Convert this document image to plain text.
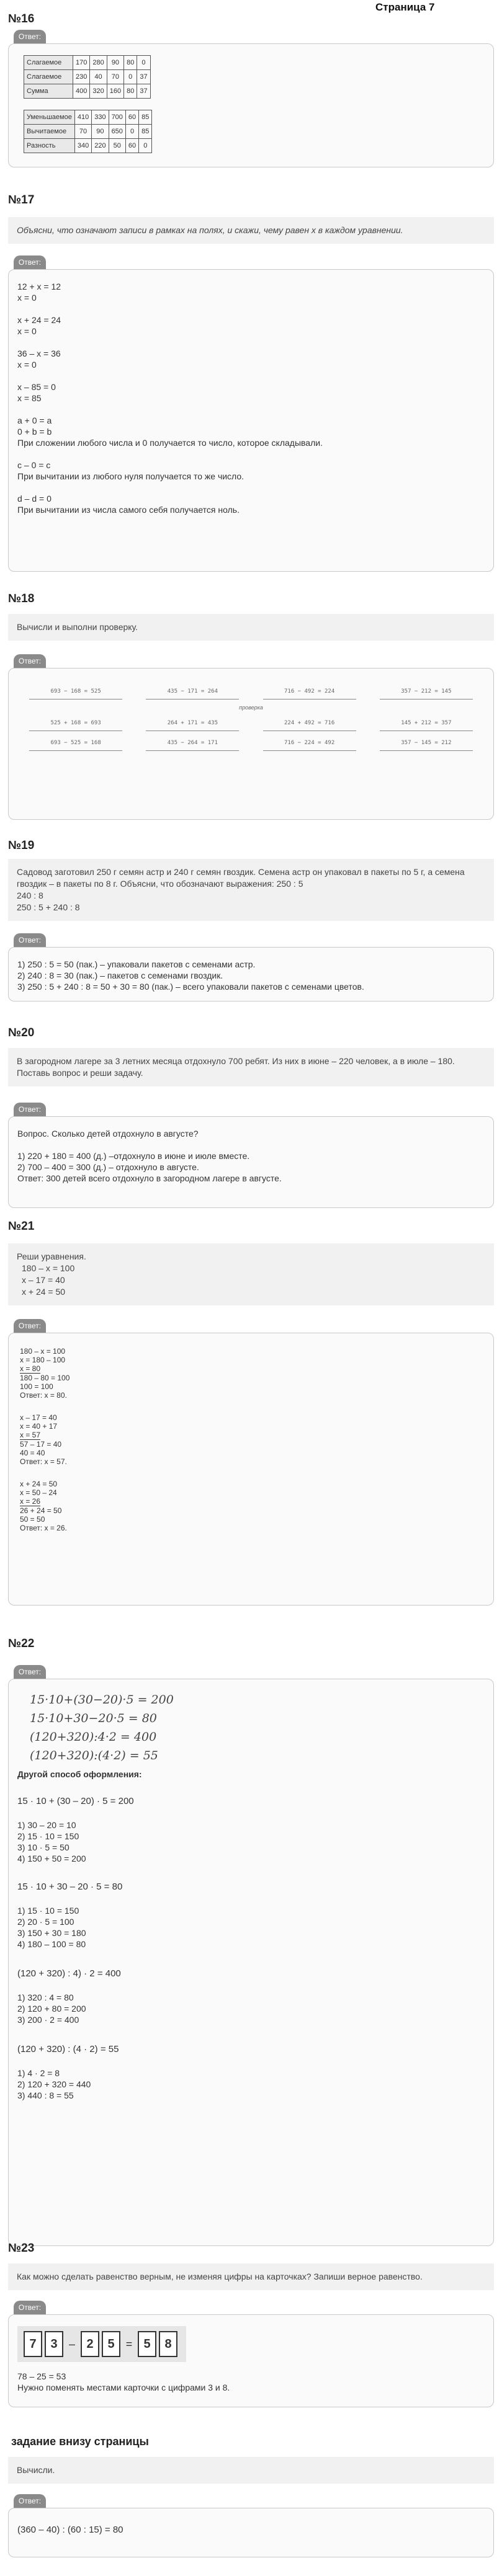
Страница 7
№16
Ответ:
Слагаемое	170	280	90	80	0
Слагаемое	230	40	70	0	37
Сумма	400	320	160	80	37
Уменьшаемое	410	330	700	60	85
Вычитаемое	70	90	650	0	85
Разность	340	220	50	60	0
№17
Объясни, что означают записи в рамках на полях, и скажи, чему равен x в каждом уравнении.
Ответ:
12 + x = 12
x = 0

x + 24 = 24
x = 0

36 – x = 36
x = 0

x – 85 = 0
x = 85

a + 0 = a
0 + b = b
При сложении любого числа и 0 получается то число, которое складывали.

c – 0 = c
При вычитании из любого нуля получается то же число.

d – d = 0
При вычитании из числа самого себя получается ноль.
№18
Вычисли и выполни проверку.
Ответ:
693 − 168 = 525	435 − 171 = 264	716 − 492 = 224	357 − 212 = 145
проверка
525 + 168 = 693	264 + 171 = 435	224 + 492 = 716	145 + 212 = 357
693 − 525 = 168	435 − 264 = 171	716 − 224 = 492	357 − 145 = 212
№19
Садовод заготовил 250 г семян астр и 240 г семян гвоздик. Семена астр он упаковал в пакеты по 5 г, а семена гвоздик – в пакеты по 8 г. Объясни, что обозначают выражения: 250 : 5
240 : 8
250 : 5 + 240 : 8
Ответ:
1) 250 : 5 = 50 (пак.) – упаковали пакетов с семенами астр.
2) 240 : 8 = 30 (пак.) – пакетов с семенами гвоздик.
3) 250 : 5 + 240 : 8 = 50 + 30 = 80 (пак.) – всего упаковали пакетов с семенами цветов.
№20
В загородном лагере за 3 летних месяца отдохнуло 700 ребят. Из них в июне – 220 человек, а в июле – 180. Поставь вопрос и реши задачу.
Ответ:
Вопрос. Сколько детей отдохнуло в августе?

1) 220 + 180 = 400 (д.) –отдохнуло в июне и июле вместе.
2) 700 – 400 = 300 (д.) – отдохнуло в августе.
Ответ: 300 детей всего отдохнуло в загородном лагере в августе.
№21
Реши уравнения.
180 – x = 100
x – 17 = 40
x + 24 = 50
Ответ:
180 – x = 100
x = 180 – 100
x = 80

180 – 80 = 100
100 = 100
Ответ: x = 80.
x – 17 = 40
x = 40 + 17
x = 57

57 – 17 = 40
40 = 40
Ответ: x = 57.
x + 24 = 50
x = 50 – 24
x = 26

26 + 24 = 50
50 = 50
Ответ: x = 26.
№22
Ответ:
15·10+(30−20)·5 = 200
15·10+30−20·5 = 80
(120+320):4·2 = 400
(120+320):(4·2) = 55
Другой способ оформления:
15 · 10 + (30 – 20) · 5 = 200
1) 30 – 20 = 10
2) 15 · 10 = 150
3) 10 · 5 = 50
4) 150 + 50 = 200
15 · 10 + 30 – 20 · 5 = 80
1) 15 · 10 = 150
2) 20 · 5 = 100
3) 150 + 30 = 180
4) 180 – 100 = 80
(120 + 320) : 4) · 2 = 400
1) 320 : 4 = 80
2) 120 + 80 = 200
3) 200 · 2 = 400
(120 + 320) : (4 · 2) = 55
1) 4 · 2 = 8
2) 120 + 320 = 440
3) 440 : 8 = 55
№23
Как можно сделать равенство верным, не изменяя цифры на карточках? Запиши верное равенство.
Ответ:
7 3 – 2 5 = 5 8
78 – 25 = 53
Нужно поменять местами карточки с цифрами 3 и 8.
задание внизу страницы
Вычисли.
Ответ:
(360 – 40) : (60 : 15) = 80
